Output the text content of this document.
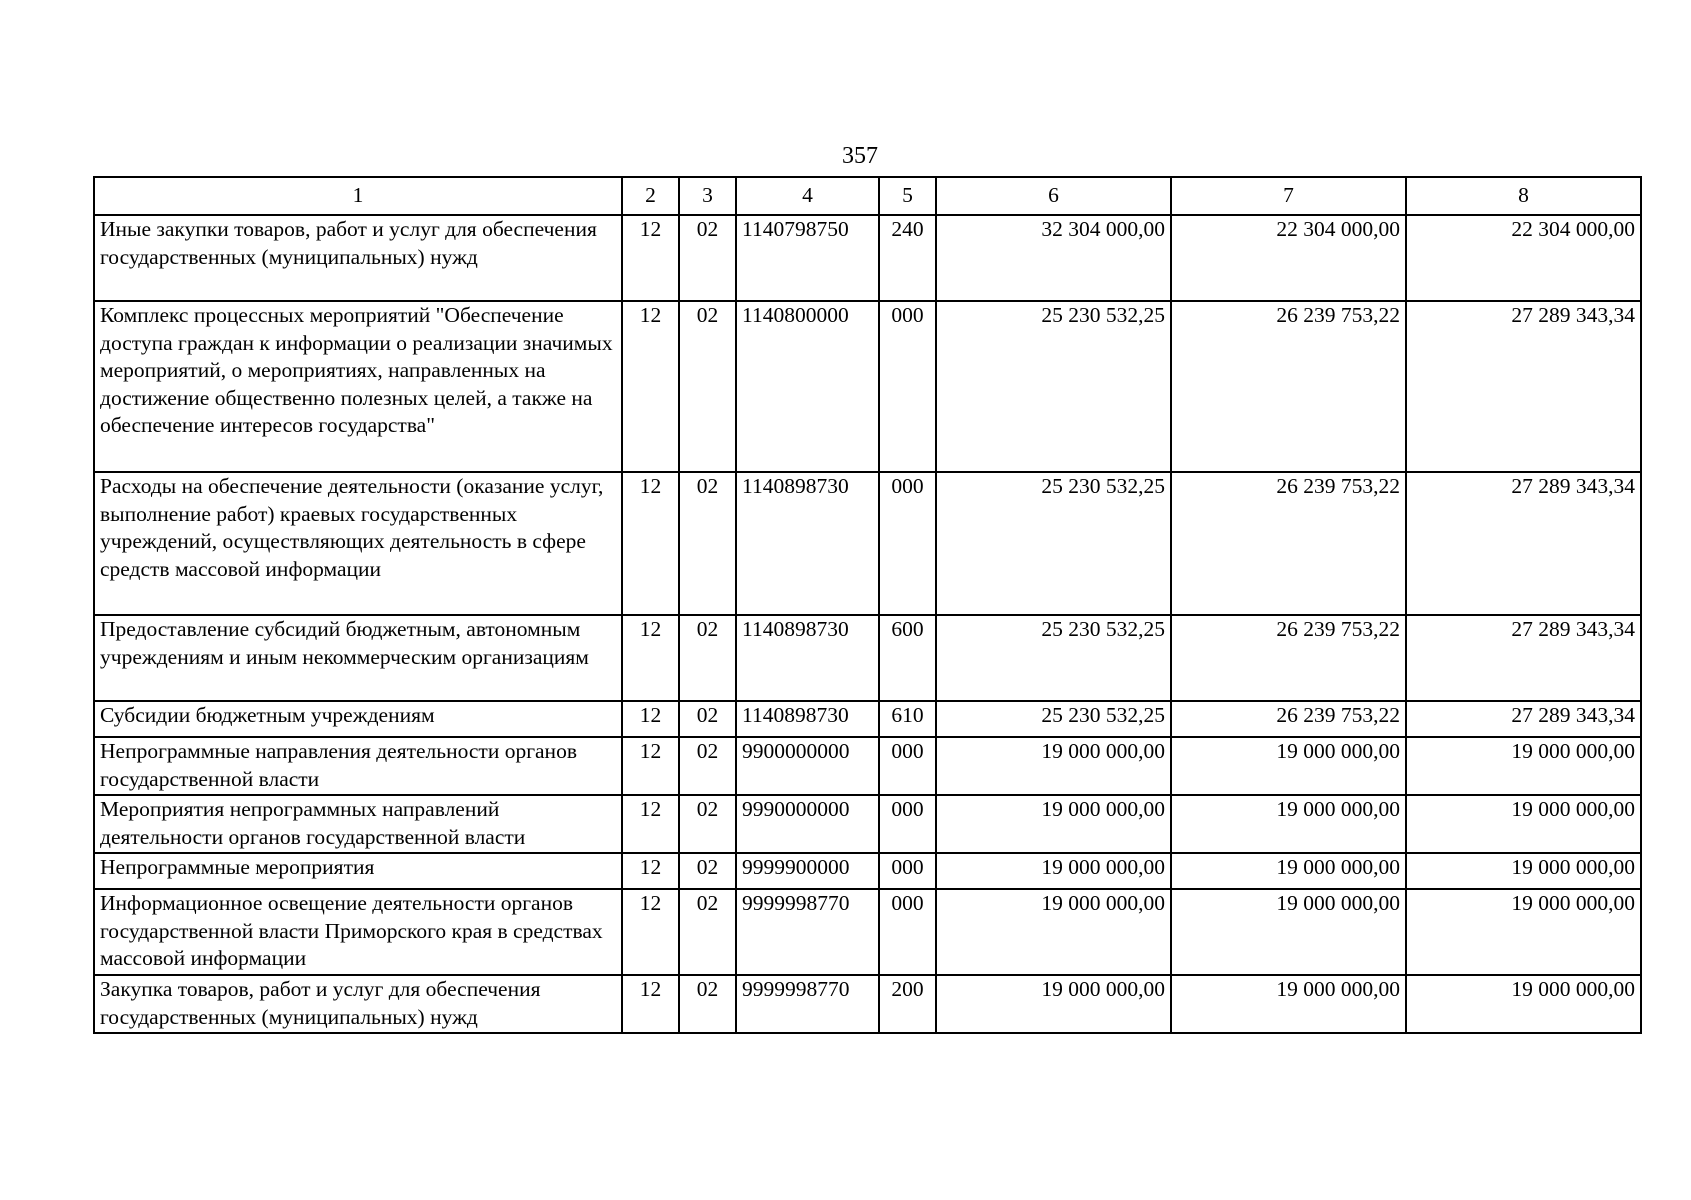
357
1	2	3	4	5	6	7	8
Иные закупки товаров, работ и услуг для обеспечения государственных (муниципальных) нужд	12	02	1140798750	240	32 304 000,00	22 304 000,00	22 304 000,00
Комплекс процессных мероприятий "Обеспечение доступа граждан к информации о реализации значимых мероприятий, о мероприятиях, направленных на достижение общественно полезных целей, а также на обеспечение интересов государства"	12	02	1140800000	000	25 230 532,25	26 239 753,22	27 289 343,34
Расходы на обеспечение деятельности (оказание услуг, выполнение работ) краевых государственных учреждений, осуществляющих деятельность в сфере средств массовой информации	12	02	1140898730	000	25 230 532,25	26 239 753,22	27 289 343,34
Предоставление субсидий бюджетным, автономным учреждениям и иным некоммерческим организациям	12	02	1140898730	600	25 230 532,25	26 239 753,22	27 289 343,34
Субсидии бюджетным учреждениям	12	02	1140898730	610	25 230 532,25	26 239 753,22	27 289 343,34
Непрограммные направления деятельности органов государственной власти	12	02	9900000000	000	19 000 000,00	19 000 000,00	19 000 000,00
Мероприятия непрограммных направлений деятельности органов государственной власти	12	02	9990000000	000	19 000 000,00	19 000 000,00	19 000 000,00
Непрограммные мероприятия	12	02	9999900000	000	19 000 000,00	19 000 000,00	19 000 000,00
Информационное освещение деятельности органов государственной власти Приморского края в средствах массовой информации	12	02	9999998770	000	19 000 000,00	19 000 000,00	19 000 000,00
Закупка товаров, работ и услуг для обеспечения государственных (муниципальных) нужд	12	02	9999998770	200	19 000 000,00	19 000 000,00	19 000 000,00
